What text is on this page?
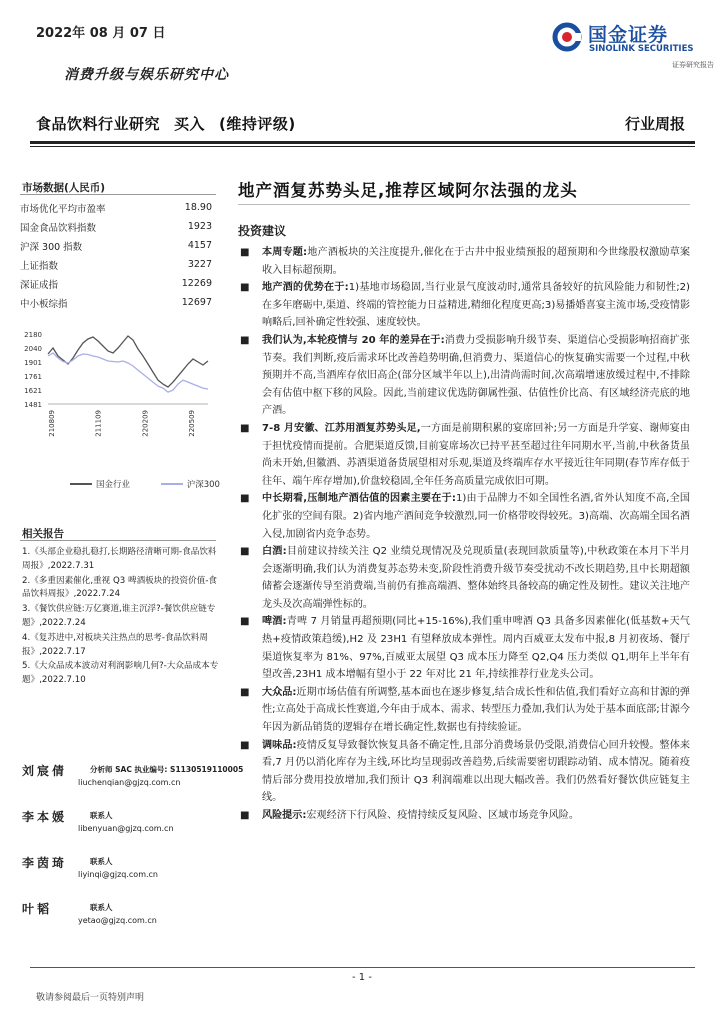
2022年 08 月 07 日
消费升级与娱乐研究中心
国金证券
SINOLINK SECURITIES
证券研究报告
食品饮料行业研究 买入 (维持评级)	行业周报
市场数据(人民币)
市场优化平均市盈率	18.90
国金食品饮料指数	1923
沪深 300 指数	4157
上证指数	3227
深证成指	12269
中小板综指	12697
1481
1621
1761
1901
2040
2180
210809	211109	220209	220509
国金行业
	沪深300
相关报告
1.《头部企业稳扎稳打,长期路径清晰可期-食品饮料周报》,2022.7.31
2.《多重因素催化,重视 Q3 啤酒板块的投资价值-食品饮料周报》,2022.7.24
3.《餐饮供应链:万亿赛道,谁主沉浮?-餐饮供应链专题》,2022.7.24
4.《复苏进中,对板块关注热点的思考-食品饮料周报》,2022.7.17
5.《大众品成本波动对利润影响几何?-大众品成本专题》,2022.7.10
刘宸倩	分析师 SAC 执业编号: S1130519110005
liuchenqian@gjzq.com.cn
李本媛	联系人
libenyuan@gjzq.com.cn
李茵琦	联系人
liyinqi@gjzq.com.cn
叶韬	联系人
yetao@gjzq.com.cn
地产酒复苏势头足,推荐区域阿尔法强的龙头
投资建议

■ 本周专题:地产酒板块的关注度提升,催化在于古井中报业绩预报的超预期和今世缘股权激励草案收入目标超预期。

■ 地产酒的优势在于:1)基地市场稳固,当行业景气度波动时,通常具备较好的抗风险能力和韧性;2)在多年磨砺中,渠道、终端的管控能力日益精进,精细化程度更高;3)易播婚喜宴主流市场,受疫情影响略后,回补确定性较强、速度较快。

■ 我们认为,本轮疫情与 20 年的差异在于:消费力受损影响升级节奏、渠道信心受损影响招商扩张节奏。我们判断,疫后需求环比改善趋势明确,但消费力、渠道信心的恢复确实需要一个过程,中秋预期并不高,当酒库存依旧高企(部分区域半年以上),出清尚需时间,次高端增速放缓过程中,不排除会有估值中枢下移的风险。因此,当前建议优选防御属性强、估值性价比高、有区域经济壳底的地产酒。

■ 7-8 月安徽、江苏用酒复苏势头足,一方面是前期积累的宴席回补;另一方面是升学宴、谢师宴由于担忧疫情而提前。合肥渠道反馈,目前宴席场次已持平甚至超过往年同期水平,当前,中秋备货虽尚未开始,但徽酒、苏酒渠道备货展望相对乐观,渠道及终端库存水平接近往年同期(春节库存低于往年、端午库存增加),价盘较稳固,全年任务高质量完成依旧可期。

■ 中长期看,压制地产酒估值的因素主要在于:1)由于品牌力不如全国性名酒,省外认知度不高,全国化扩张的空间有限。2)省内地产酒间竞争较激烈,同一价格带咬得较死。3)高端、次高端全国名酒入侵,加剧省内竞争态势。

■ 白酒:目前建议持续关注 Q2 业绩兑现情况及兑现质量(表现回款质量等),中秋政策在本月下半月会逐渐明确,我们认为消费复苏态势未变,阶段性消费升级节奏受扰动不改长期趋势,且中长期超额储蓄会逐渐传导至消费端,当前仍有推高端酒、整体始终具备较高的确定性及韧性。建议关注地产龙头及次高端弹性标的。

■ 啤酒:青啤 7 月销量再超预期(同比+15-16%),我们重申啤酒 Q3 具备多因素催化(低基数+天气热+疫情政策趋缓),H2 及 23H1 有望释放成本弹性。周内百威亚太发布中报,8 月初夜场、餐厅渠道恢复率为 81%、97%,百威亚太展望 Q3 成本压力降至 Q2,Q4 压力类似 Q1,明年上半年有望改善,23H1 成本增幅有望小于 22 年对比 21 年,持续推荐行业龙头公司。

■ 大众品:近期市场估值有所调整,基本面也在逐步修复,结合成长性和估值,我们看好立高和甘源的弹性;立高处于高成长性赛道,今年由于成本、需求、转型压力叠加,我们认为处于基本面底部;甘源今年因为新品销货的逻辑存在增长确定性,数据也有持续验证。

■ 调味品:疫情反复导致餐饮恢复具备不确定性,且部分消费场景仍受限,消费信心回升较慢。整体来看,7 月仍以消化库存为主线,环比均呈现弱改善趋势,后续需要密切跟踪动销、成本情况。随着疫情后部分费用投放增加,我们预计 Q3 利润端难以出现大幅改善。我们仍然看好餐饮供应链复主线。

■ 风险提示:宏观经济下行风险、疫情持续反复风险、区域市场竞争风险。

- 1 -
敬请参阅最后一页特别声明
